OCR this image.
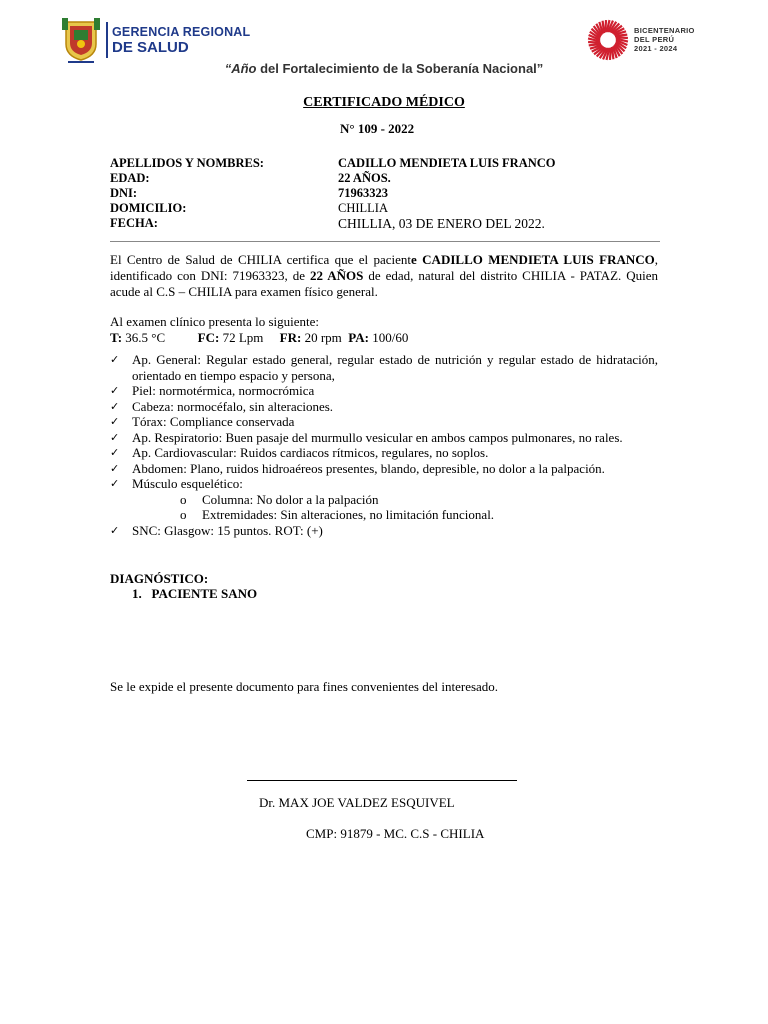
GERENCIA REGIONAL
DE SALUD
BICENTENARIO
DEL PERÚ
2021 - 2024
“Año del Fortalecimiento de la Soberanía Nacional”
CERTIFICADO MÉDICO
N° 109 - 2022
APELLIDOS Y NOMBRES:	CADILLO MENDIETA LUIS FRANCO
EDAD:	22 AÑOS.
DNI:	71963323
DOMICILIO:	CHILLIA
FECHA:	CHILLIA, 03 DE ENERO DEL 2022.
El Centro de Salud de CHILIA certifica que el paciente CADILLO MENDIETA LUIS FRANCO, identificado con DNI: 71963323, de 22 AÑOS de edad, natural del distrito CHILIA - PATAZ. Quien acude al C.S – CHILIA para examen físico general.
Al examen clínico presenta lo siguiente:
T: 36.5 °C	FC: 72 Lpm FR: 20 rpm PA: 100/60
✓ Ap. General: Regular estado general, regular estado de nutrición y regular estado de hidratación, orientado en tiempo espacio y persona,
✓ Piel: normotérmica, normocrómica
✓ Cabeza: normocéfalo, sin alteraciones.
✓ Tórax: Compliance conservada
✓ Ap. Respiratorio: Buen pasaje del murmullo vesicular en ambos campos pulmonares, no rales.
✓ Ap. Cardiovascular: Ruidos cardiacos rítmicos, regulares, no soplos.
✓ Abdomen: Plano, ruidos hidroaéreos presentes, blando, depresible, no dolor a la palpación.
✓ Músculo esquelético:
o Columna: No dolor a la palpación
o Extremidades: Sin alteraciones, no limitación funcional.
✓ SNC: Glasgow: 15 puntos. ROT: (+)
DIAGNÓSTICO:
1.   PACIENTE SANO
Se le expide el presente documento para fines convenientes del interesado.
Dr. MAX JOE VALDEZ ESQUIVEL
CMP: 91879 - MC. C.S - CHILIA
